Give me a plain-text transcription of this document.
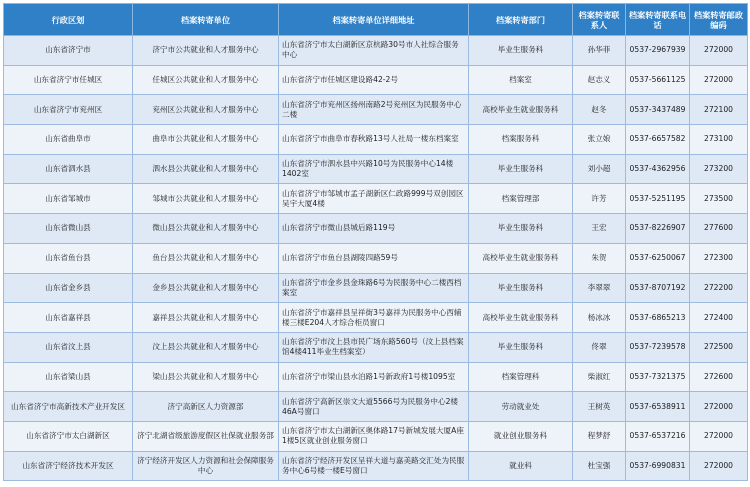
行政区划	档案转寄单位	档案转寄单位详细地址	档案转寄部门	档案转寄联系人	档案转寄联系电话	档案转寄邮政编码
山东省济宁市	济宁市公共就业和人才服务中心	山东省济宁市太白湖新区京杭路30号市人社综合服务中心	毕业生服务科	孙华菲	0537-2967939	272000
山东省济宁市任城区	任城区公共就业和人才服务中心	山东省济宁市任城区建设路42-2号	档案室	赵志义	0537-5661125	272000
山东省济宁市兖州区	兖州区公共就业和人才服务中心	山东省济宁市兖州区扬州南路2号兖州区为民服务中心二楼	高校毕业生就业服务科	赵冬	0537-3437489	272100
山东省曲阜市	曲阜市公共就业和人才服务中心	山东省济宁市曲阜市春秋路13号人社局一楼东档案室	档案服务科	张立娘	0537-6657582	273100
山东省泗水县	泗水县公共就业和人才服务中心	山东省济宁市泗水县中兴路10号为民服务中心14楼1402室	毕业生服务科	刘小超	0537-4362956	273200
山东省邹城市	邹城市公共就业和人才服务中心	山东省济宁市邹城市孟子湖新区仁政路999号双创园区吴宇大厦4楼	档案管理部	许芳	0537-5251195	273500
山东省微山县	微山县公共就业和人才服务中心	山东省济宁市微山县城后路119号	毕业生服务科	王宏	0537-8226907	277600
山东省鱼台县	鱼台县公共就业和人才服务中心	山东省济宁市鱼台县湖陵四路59号	高校毕业生就业服务科	朱贺	0537-6250067	272300
山东省金乡县	金乡县公共就业和人才服务中心	山东省济宁市金乡县金珠路6号为民服务中心二楼西档案室	毕业生服务科	李翠翠	0537-8707192	272200
山东省嘉祥县	嘉祥县公共就业和人才服务中心	山东省济宁市嘉祥县呈祥街3号嘉祥为民服务中心西辅楼三楼E204人才综合柜员窗口	高校毕业生就业服务科	杨冰冰	0537-6865213	272400
山东省汶上县	汶上县公共就业和人才服务中心	山东省济宁市汶上县市民广场东路560号（汶上县档案馆4楼411毕业生档案室）	毕业生服务科	佟翠	0537-7239578	272500
山东省梁山县	梁山县公共就业和人才服务中心	山东省济宁市梁山县水泊路1号新政府1号楼1095室	档案管理科	柴淑红	0537-7321375	272600
山东省济宁市高新技术产业开发区	济宁高新区人力资源部	山东省济宁高新区崇文大道5566号为民服务中心2楼46A号窗口	劳动就业处	王树英	0537-6538911	272000
山东省济宁市太白湖新区	济宁北湖省级旅游度假区社保就业服务部	山东省济宁市太白湖新区奥体路17号新城发展大厦A座1楼5区就业创业服务窗口	就业创业服务科	程梦舒	0537-6537216	272000
山东省济宁经济技术开发区	济宁经济开发区人力资源和社会保障服务中心	山东省济宁经济开发区呈祥大道与嘉美路交汇处为民服务中心6号楼一楼E号窗口	就业科	杜宝强	0537-6990831	272000
